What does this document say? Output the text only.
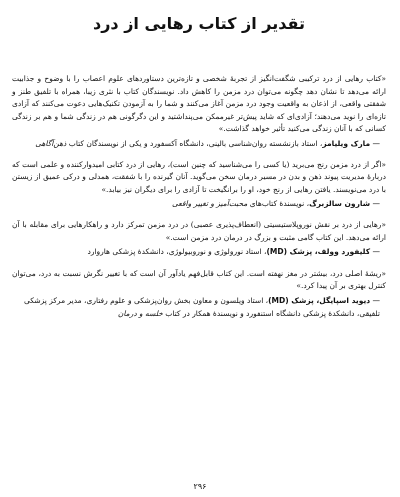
تقدیر از کتاب رهایی از درد

«کتاب رهایی از درد ترکیبی شگفت‌انگیز از تجربهٔ شخصی و تازه‌ترین دستاوردهای علوم اعصاب را با وضوح و جذابیت ارائه می‌دهد تا نشان دهد چگونه می‌توان درد مزمن را کاهش داد. نویسندگان کتاب با نثری زیبا، همراه با تلفیق طنز و شفقتی واقعی، از اذعان به واقعیت وجود درد مزمن آغاز می‌کنند و شما را به آزمودن تکنیک‌هایی دعوت می‌کنند که آزادی تازه‌ای را نوید می‌دهند؛ آزادی‌ای که شاید پیش‌تر غیرممکن می‌پنداشتید و این دگرگونی هم در زندگی شما و هم بر زندگی کسانی که با آنان زندگی می‌کنید تأثیر خواهد گذاشت.»

— مارک ویلیامز، استاد بازنشسته روان‌شناسی بالینی، دانشگاه آکسفورد و یکی از نویسندگان کتاب ذهن‌آگاهی

«اگر از درد مزمن رنج می‌برید (یا کسی را می‌شناسید که چنین است)، رهایی از درد کتابی امیدوارکننده و علمی است که دربارهٔ مدیریت پیوند ذهن و بدن در مسیر درمان سخن می‌گوید. آنان گیرنده را با شفقت، همدلی و درکی عمیق از زیستن با درد می‌نویسند. یافتن رهایی از رنج خود، او را برانگیخت تا آزادی را برای دیگران نیز بیابد.»

— شارون سالزبرگ، نویسندهٔ کتاب‌های محبت‌آمیز و تغییر واقعی

«رهایی از درد بر نقش نوروپلاستیسیتی (انعطاف‌پذیری عصبی) در درد مزمن تمرکز دارد و راهکارهایی برای مقابله با آن ارائه می‌دهد. این کتاب گامی مثبت و بزرگ در درمان درد مزمن است.»

— کلیفورد وولف، پزشک (MD)، استاد نورولوژی و نوروبیولوژی، دانشکدهٔ پزشکی هاروارد

«ریشهٔ اصلی درد، بیشتر در مغز نهفته است. این کتاب قابل‌فهم یادآور آن است که با تغییر نگرش نسبت به درد، می‌توان کنترل بهتری بر آن پیدا کرد.»

— دیوید اسپایگل، پزشک (MD)، استاد ویلسون و معاون بخش روان‌پزشکی و علوم رفتاری، مدیر مرکز پزشکی تلفیقی، دانشکدهٔ پزشکی دانشگاه استنفورد و نویسندهٔ همکار در کتاب خلسه و درمان

۲۹۶
